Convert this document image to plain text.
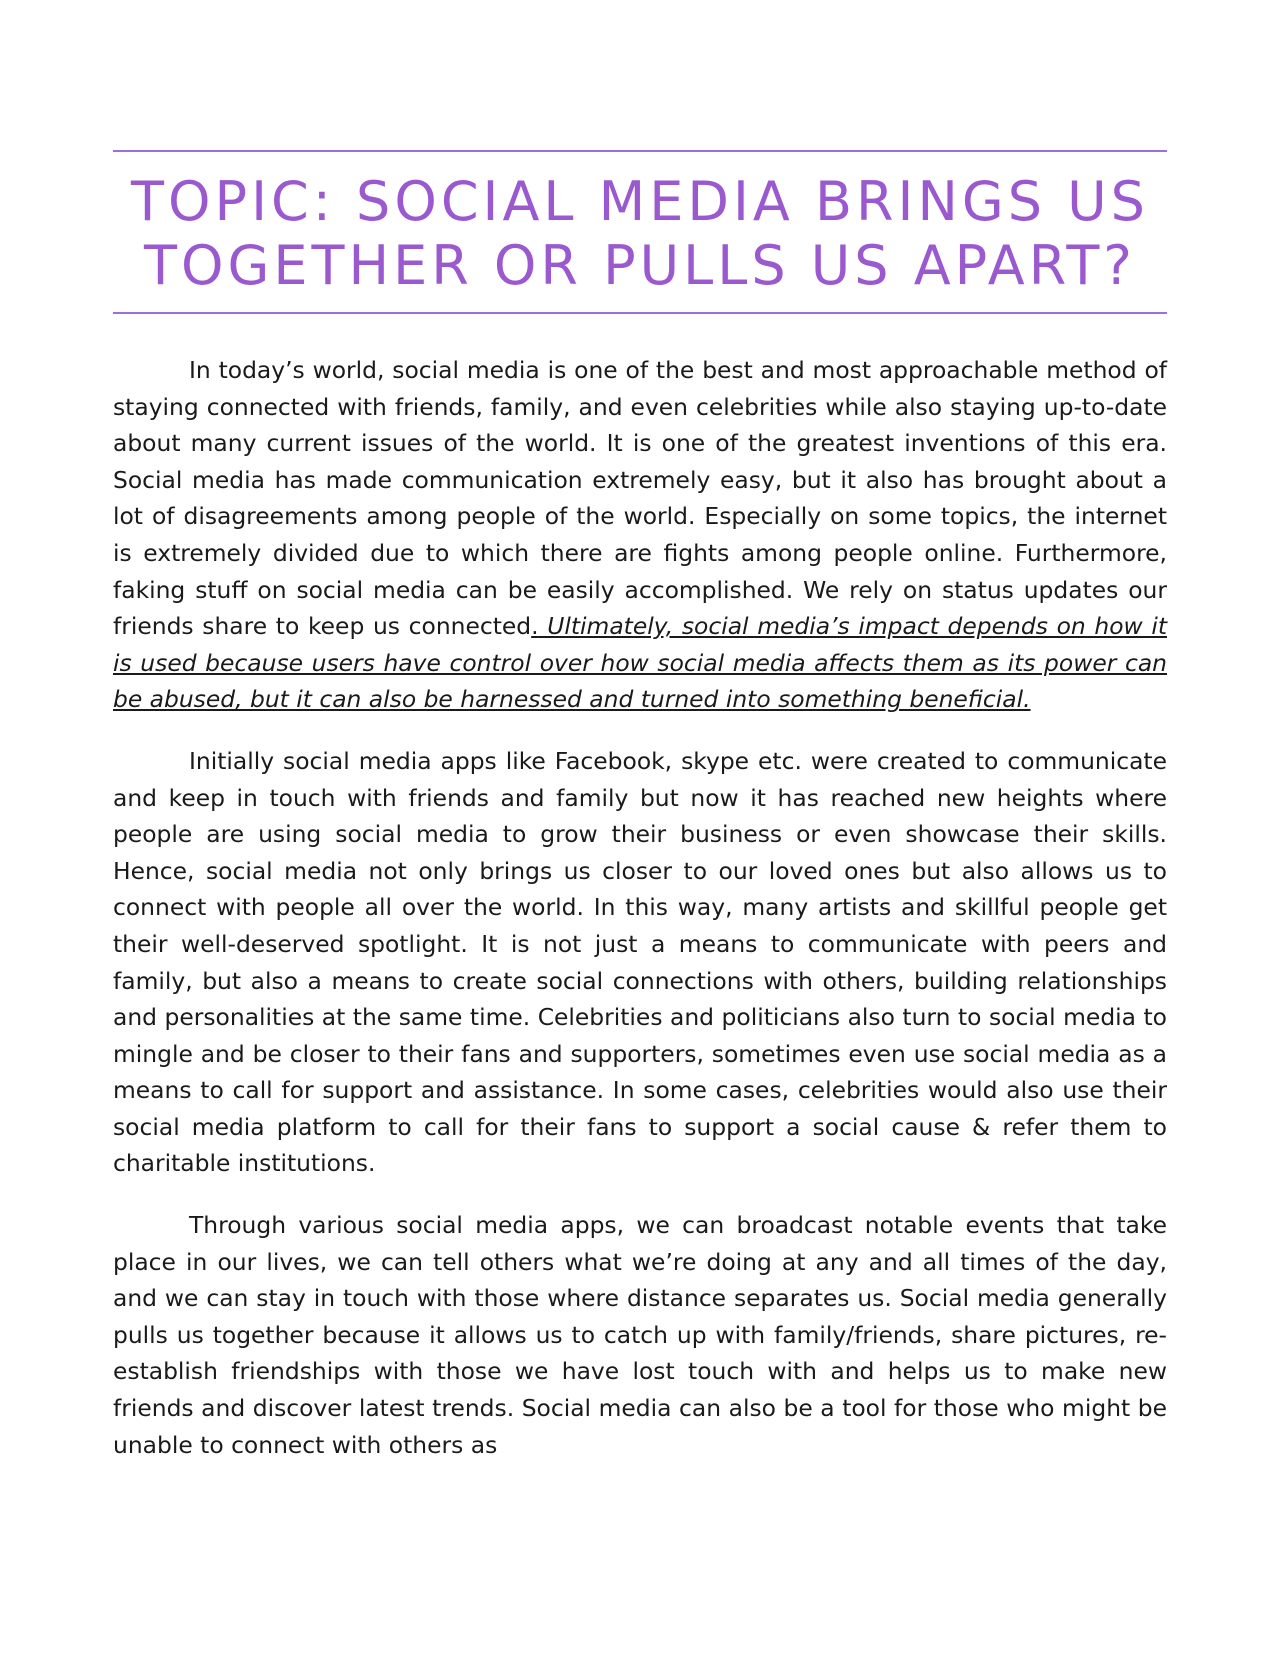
TOPIC: SOCIAL MEDIA BRINGS US TOGETHER OR PULLS US APART?

In today’s world, social media is one of the best and most approachable method of staying connected with friends, family, and even celebrities while also staying up-to-date about many current issues of the world. It is one of the greatest inventions of this era. Social media has made communication extremely easy, but it also has brought about a lot of disagreements among people of the world. Especially on some topics, the internet is extremely divided due to which there are fights among people online. Furthermore, faking stuff on social media can be easily accomplished. We rely on status updates our friends share to keep us connected. Ultimately, social media’s impact depends on how it is used because users have control over how social media affects them as its power can be abused, but it can also be harnessed and turned into something beneficial.

Initially social media apps like Facebook, skype etc. were created to communicate and keep in touch with friends and family but now it has reached new heights where people are using social media to grow their business or even showcase their skills. Hence, social media not only brings us closer to our loved ones but also allows us to connect with people all over the world. In this way, many artists and skillful people get their well-deserved spotlight. It is not just a means to communicate with peers and family, but also a means to create social connections with others, building relationships and personalities at the same time. Celebrities and politicians also turn to social media to mingle and be closer to their fans and supporters, sometimes even use social media as a means to call for support and assistance. In some cases, celebrities would also use their social media platform to call for their fans to support a social cause & refer them to charitable institutions.

Through various social media apps, we can broadcast notable events that take place in our lives, we can tell others what we’re doing at any and all times of the day, and we can stay in touch with those where distance separates us. Social media generally pulls us together because it allows us to catch up with family/friends, share pictures, re-establish friendships with those we have lost touch with and helps us to make new friends and discover latest trends. Social media can also be a tool for those who might be unable to connect with others as
